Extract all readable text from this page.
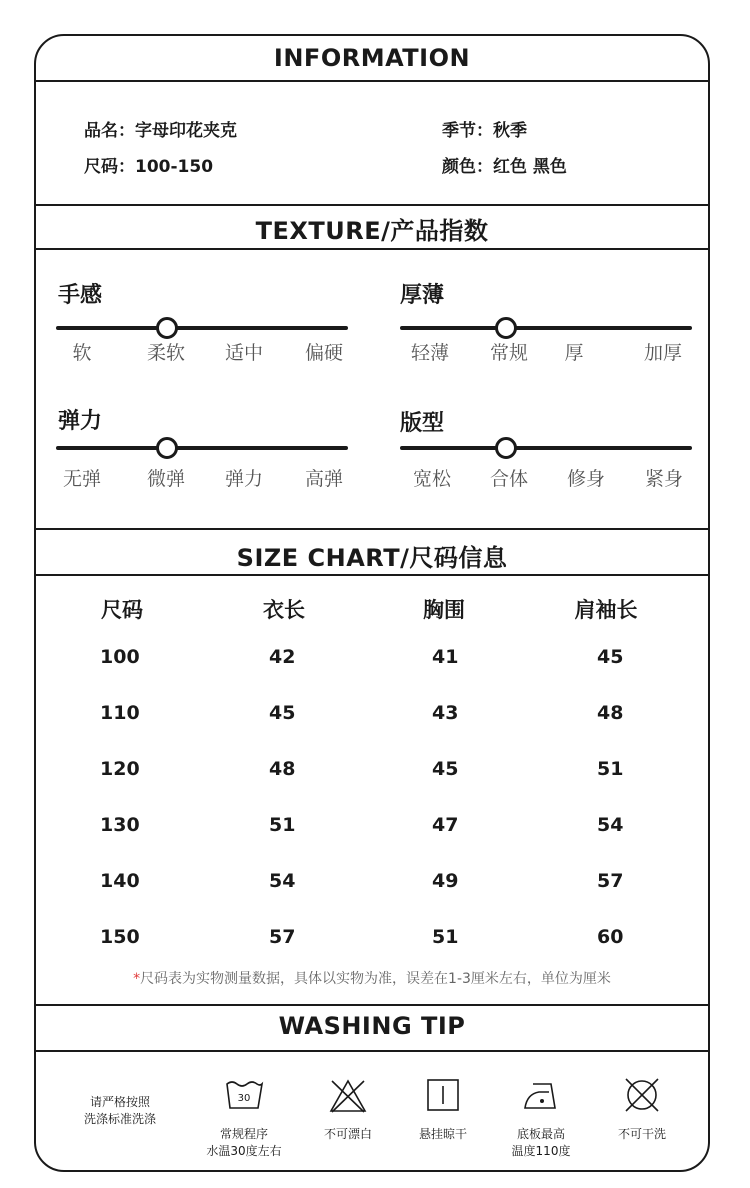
INFORMATION
品名：字母印花夹克	季节：秋季
尺码：100-150	颜色：红色 黑色
TEXTURE/产品指数
手感
软	柔软 适中 偏硬
厚薄
轻薄 常规 厚	加厚
弹力
无弹 微弹 弹力 高弹
版型
宽松 合体 修身 紧身
SIZE CHART/尺码信息
尺码	衣长	胸围	肩袖长
100	42	41	45
110	45	43	48
120	48	45	51
130	51	47	54
140	54	49	57
150	57	51	60
*尺码表为实物测量数据，具体以实物为准，误差在1-3厘米左右，单位为厘米
WASHING TIP
请严格按照
洗涤标准洗涤
30
常规程序
水温30度左右
不可漂白	悬挂晾干	底板最高
温度110度
不可干洗
